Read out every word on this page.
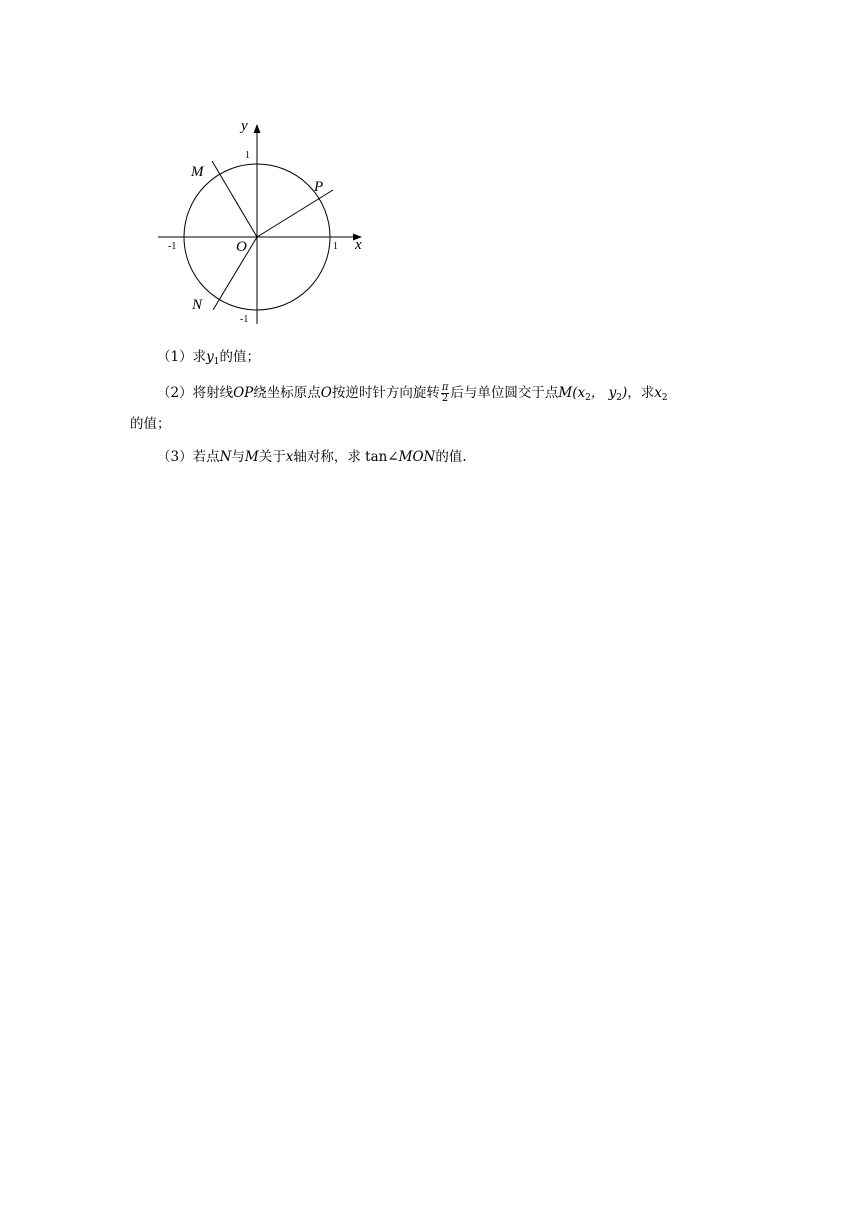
y
x
O
M
P
N
1
-1
1
-1
（1）求$y_1$的值；
（2）将射线OP绕坐标原点O按逆时针方向旋转 $\frac{\pi}{2}$ 后与单位圆交于点$M(x_2$， $y_2$)，求$x_2$
的值；
（3）若点N与M关于x轴对称，求 tan∠MON的值.
